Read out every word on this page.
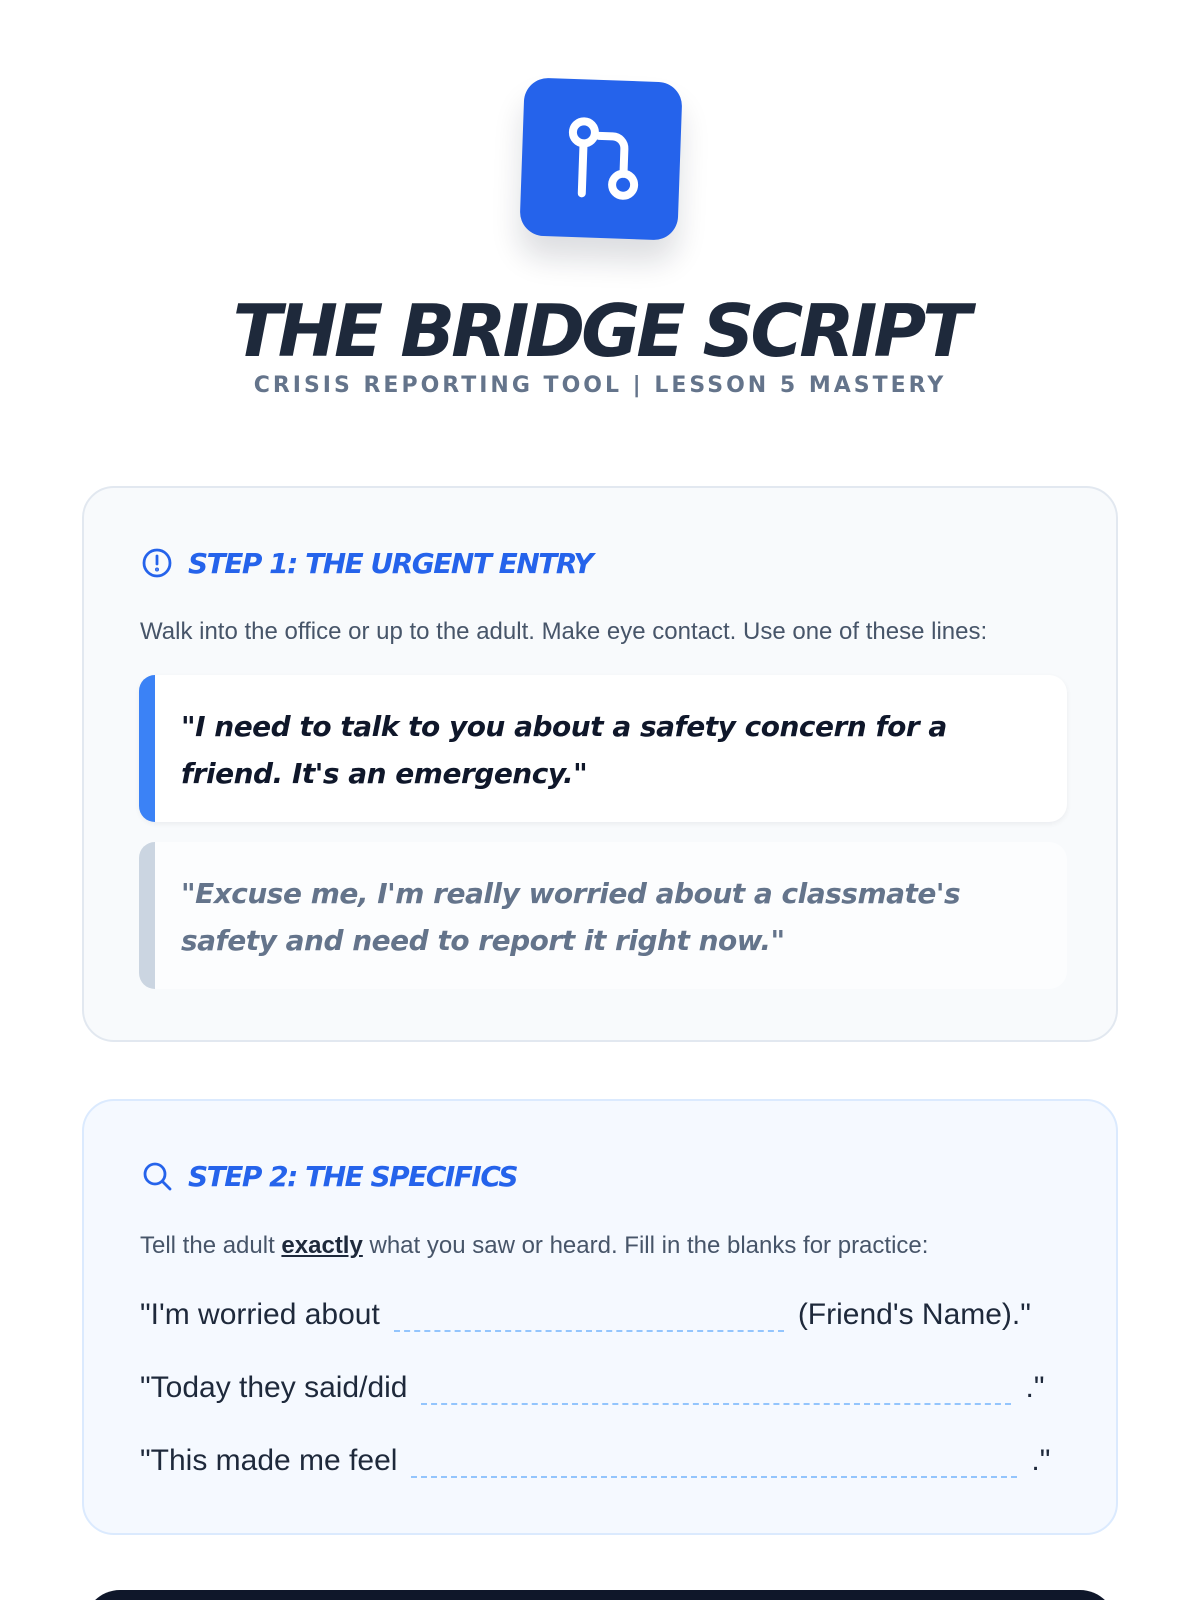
THE BRIDGE SCRIPT
CRISIS REPORTING TOOL | LESSON 5 MASTERY
STEP 1: THE URGENT ENTRY
Walk into the office or up to the adult. Make eye contact. Use one of these lines:
"I need to talk to you about a safety concern for a friend. It's an emergency."
"Excuse me, I'm really worried about a classmate's safety and need to report it right now."
STEP 2: THE SPECIFICS
Tell the adult exactly what you saw or heard. Fill in the blanks for practice:
"I'm worried about	(Friend's Name)."
"Today they said/did	."
"This made me feel	."
